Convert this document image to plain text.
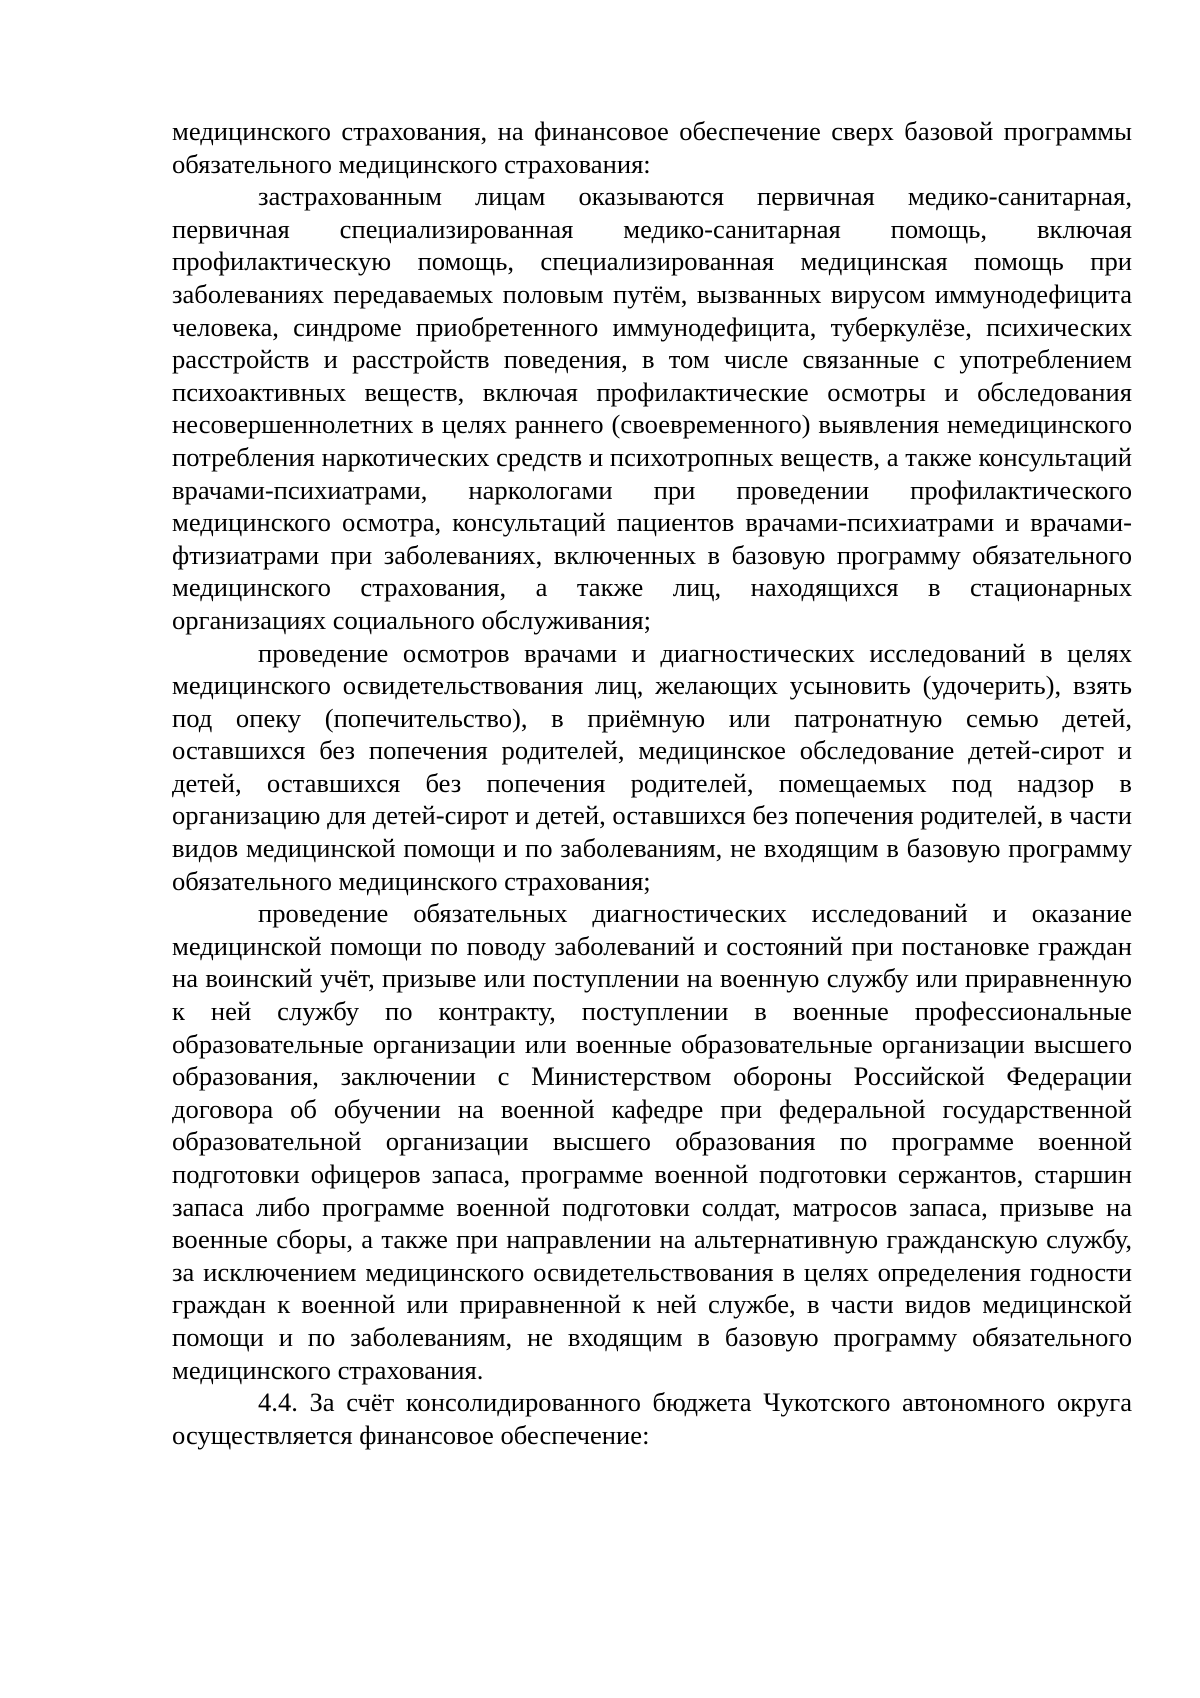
медицинского страхования, на финансовое обеспечение сверх базовой программы обязательного медицинского страхования:

застрахованным лицам оказываются первичная медико-санитарная, первичная специализированная медико-санитарная помощь, включая профилактическую помощь, специализированная медицинская помощь при заболеваниях передаваемых половым путём, вызванных вирусом иммунодефицита человека, синдроме приобретенного иммунодефицита, туберкулёзе, психических расстройств и расстройств поведения, в том числе связанные с употреблением психоактивных веществ, включая профилактические осмотры и обследования несовершеннолетних в целях раннего (своевременного) выявления немедицинского потребления наркотических средств и психотропных веществ, а также консультаций врачами-психиатрами, наркологами при проведении профилактического медицинского осмотра, консультаций пациентов врачами-психиатрами и врачами-фтизиатрами при заболеваниях, включенных в базовую программу обязательного медицинского страхования, а также лиц, находящихся в стационарных организациях социального обслуживания;

проведение осмотров врачами и диагностических исследований в целях медицинского освидетельствования лиц, желающих усыновить (удочерить), взять под опеку (попечительство), в приёмную или патронатную семью детей, оставшихся без попечения родителей, медицинское обследование детей-сирот и детей, оставшихся без попечения родителей, помещаемых под надзор в организацию для детей-сирот и детей, оставшихся без попечения родителей, в части видов медицинской помощи и по заболеваниям, не входящим в базовую программу обязательного медицинского страхования;

проведение обязательных диагностических исследований и оказание медицинской помощи по поводу заболеваний и состояний при постановке граждан на воинский учёт, призыве или поступлении на военную службу или приравненную к ней службу по контракту, поступлении в военные профессиональные образовательные организации или военные образовательные организации высшего образования, заключении с Министерством обороны Российской Федерации договора об обучении на военной кафедре при федеральной государственной образовательной организации высшего образования по программе военной подготовки офицеров запаса, программе военной подготовки сержантов, старшин запаса либо программе военной подготовки солдат, матросов запаса, призыве на военные сборы, а также при направлении на альтернативную гражданскую службу, за исключением медицинского освидетельствования в целях определения годности граждан к военной или приравненной к ней службе, в части видов медицинской помощи и по заболеваниям, не входящим в базовую программу обязательного медицинского страхования.

4.4. За счёт консолидированного бюджета Чукотского автономного округа осуществляется финансовое обеспечение:
